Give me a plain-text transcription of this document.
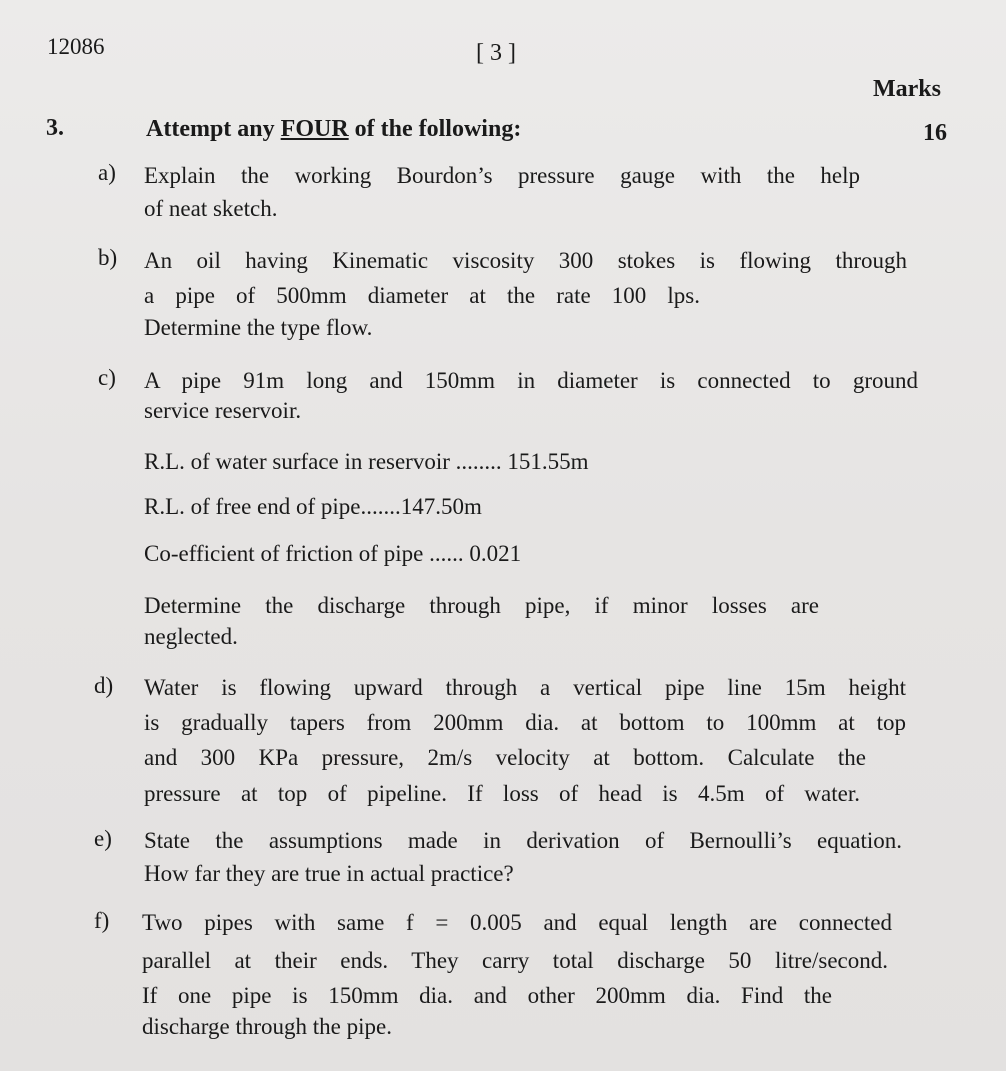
12086	[ 3 ]
Marks
3.	Attempt any FOUR of the following:	16
a) Explain the working Bourdon’s pressure gauge with the help
of neat sketch.
b) An oil having Kinematic viscosity 300 stokes is flowing through
a pipe of 500mm diameter at the rate 100 lps.
Determine the type flow.
c) A pipe 91m long and 150mm in diameter is connected to ground
service reservoir.
R.L. of water surface in reservoir ........ 151.55m
R.L. of free end of pipe.......147.50m
Co-efficient of friction of pipe ...... 0.021
Determine the discharge through pipe, if minor losses are
neglected.
d) Water is flowing upward through a vertical pipe line 15m height
is gradually tapers from 200mm dia. at bottom to 100mm at top
and 300 KPa pressure, 2m/s velocity at bottom. Calculate the
pressure at top of pipeline. If loss of head is 4.5m of water.
e) State the assumptions made in derivation of Bernoulli’s equation.
How far they are true in actual practice?
f) Two pipes with same f = 0.005 and equal length are connected
parallel at their ends. They carry total discharge 50 litre/second.
If one pipe is 150mm dia. and other 200mm dia. Find the
discharge through the pipe.
